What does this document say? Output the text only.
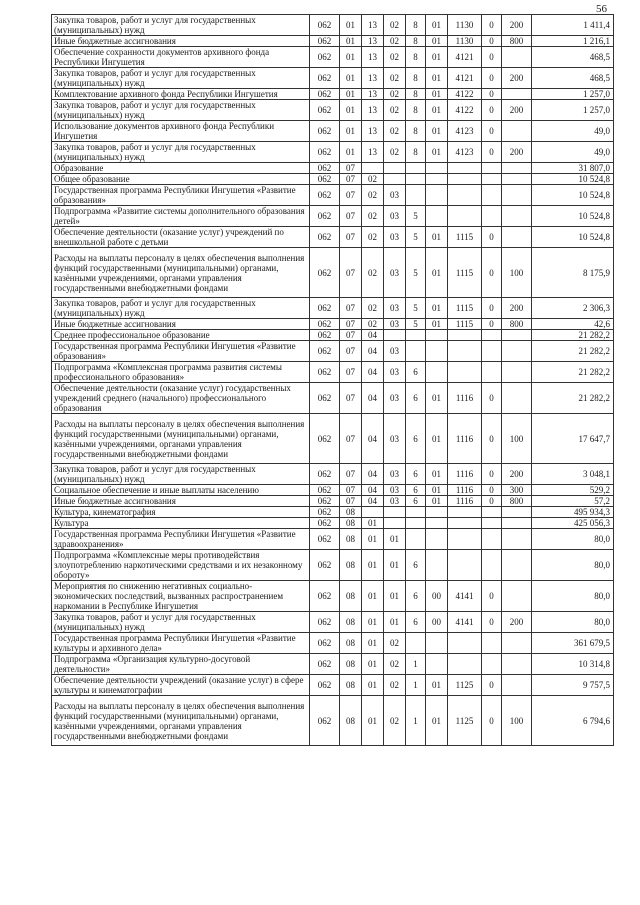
56
Закупка товаров, работ и услуг для государственных (муниципальных) нужд	062	01	13	02	8	01	1130	0	200	1 411,4
Иные бюджетные ассигнования	062	01	13	02	8	01	1130	0	800	1 216,1
Обеспечение сохранности документов архивного фонда Республики Ингушетия	062	01	13	02	8	01	4121	0		468,5
Закупка товаров, работ и услуг для государственных (муниципальных) нужд	062	01	13	02	8	01	4121	0	200	468,5
Комплектование архивного фонда Республики Ингушетия	062	01	13	02	8	01	4122	0		1 257,0
Закупка товаров, работ и услуг для государственных (муниципальных) нужд	062	01	13	02	8	01	4122	0	200	1 257,0
Использование документов архивного фонда Республики Ингушетия	062	01	13	02	8	01	4123	0		49,0
Закупка товаров, работ и услуг для государственных (муниципальных) нужд	062	01	13	02	8	01	4123	0	200	49,0
Образование	062	07								31 807,0
Общее образование	062	07	02							10 524,8
Государственная программа Республики Ингушетия «Развитие образования»	062	07	02	03						10 524,8
Подпрограмма «Развитие системы дополнительного образования детей»	062	07	02	03	5					10 524,8
Обеспечение деятельности (оказание услуг) учреждений по внешкольной работе с детьми	062	07	02	03	5	01	1115	0		10 524,8
Расходы на выплаты персоналу в целях обеспечения выполнения функций государственными (муниципальными) органами, казёнными учреждениями, органами управления государственными внебюджетными фондами	062	07	02	03	5	01	1115	0	100	8 175,9
Закупка товаров, работ и услуг для государственных (муниципальных) нужд	062	07	02	03	5	01	1115	0	200	2 306,3
Иные бюджетные ассигнования	062	07	02	03	5	01	1115	0	800	42,6
Среднее профессиональное образование	062	07	04							21 282,2
Государственная программа Республики Ингушетия «Развитие образования»	062	07	04	03						21 282,2
Подпрограмма «Комплексная программа развития системы профессионального образования»	062	07	04	03	6					21 282,2
Обеспечение деятельности (оказание услуг) государственных учреждений среднего (начального) профессионального образования	062	07	04	03	6	01	1116	0		21 282,2
Расходы на выплаты персоналу в целях обеспечения выполнения функций государственными (муниципальными) органами, казёнными учреждениями, органами управления государственными внебюджетными фондами	062	07	04	03	6	01	1116	0	100	17 647,7
Закупка товаров, работ и услуг для государственных (муниципальных) нужд	062	07	04	03	6	01	1116	0	200	3 048,1
Социальное обеспечение и иные выплаты населению	062	07	04	03	6	01	1116	0	300	529,2
Иные бюджетные ассигнования	062	07	04	03	6	01	1116	0	800	57,2
Культура, кинематография	062	08								495 934,3
Культура	062	08	01							425 056,3
Государственная программа Республики Ингушетия «Развитие здравоохранения»	062	08	01	01						80,0
Подпрограмма «Комплексные меры противодействия злоупотреблению наркотическими средствами и их незаконному обороту»	062	08	01	01	6					80,0
Мероприятия по снижению негативных социально-экономических последствий, вызванных распространением наркомании в Республике Ингушетия	062	08	01	01	6	00	4141	0		80,0
Закупка товаров, работ и услуг для государственных (муниципальных) нужд	062	08	01	01	6	00	4141	0	200	80,0
Государственная программа Республики Ингушетия «Развитие культуры и архивного дела»	062	08	01	02						361 679,5
Подпрограмма «Организация культурно-досуговой деятельности»	062	08	01	02	1					10 314,8
Обеспечение деятельности учреждений (оказание услуг) в сфере культуры и кинематографии	062	08	01	02	1	01	1125	0		9 757,5
Расходы на выплаты персоналу в целях обеспечения выполнения функций государственными (муниципальными) органами, казёнными учреждениями, органами управления государственными внебюджетными фондами	062	08	01	02	1	01	1125	0	100	6 794,6
